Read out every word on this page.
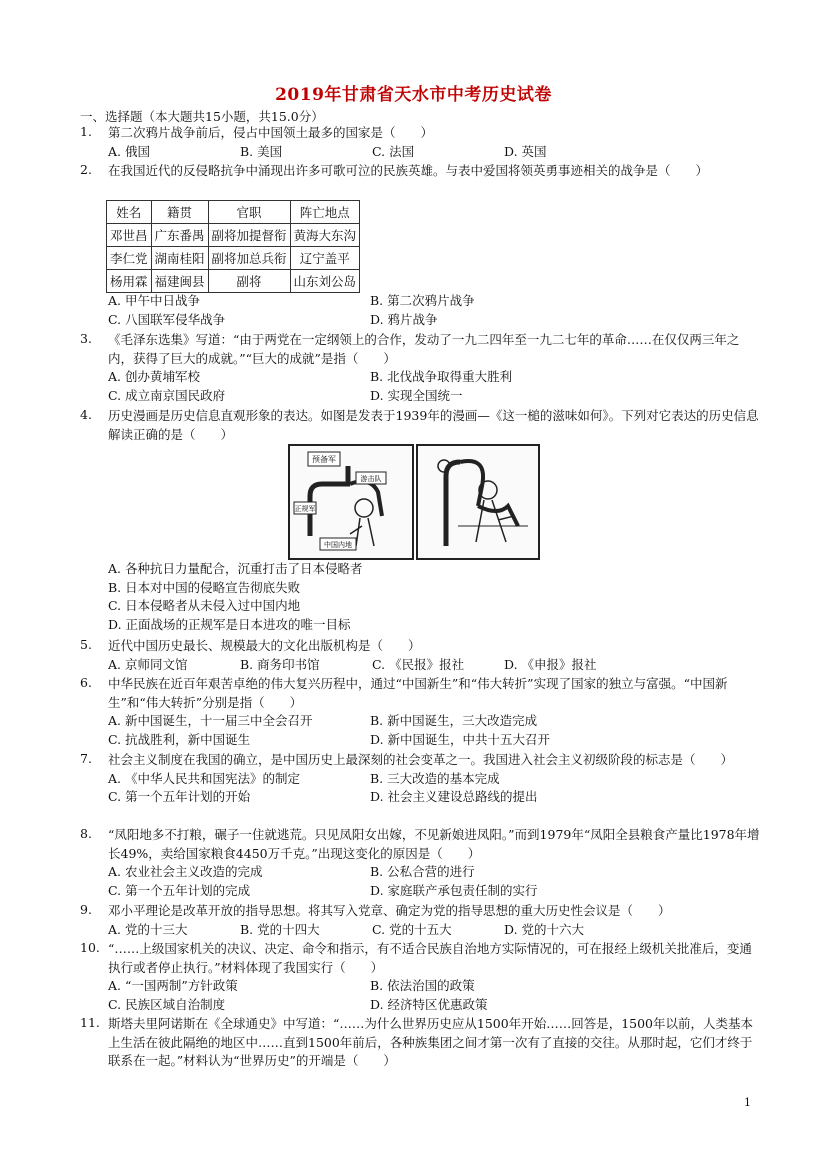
2019年甘肃省天水市中考历史试卷
一、选择题（本大题共15小题，共15.0分）
1.	第二次鸦片战争前后，侵占中国领土最多的国家是（　　）
A. 俄国	B. 美国	C. 法国	D. 英国
2.	在我国近代的反侵略抗争中涌现出许多可歌可泣的民族英雄。与表中爱国将领英勇事迹相关的战争是（　　）
姓名	籍贯	官职	阵亡地点
邓世昌	广东番禺	副将加提督衔	黄海大东沟
李仁党	湖南桂阳	副将加总兵衔	辽宁盖平
杨用霖	福建闽县	副将	山东刘公岛
A. 甲午中日战争	B. 第二次鸦片战争
C. 八国联军侵华战争	D. 鸦片战争
3.	《毛泽东选集》写道：“由于两党在一定纲领上的合作，发动了一九二四年至一九二七年的革命……在仅仅两三年之内，获得了巨大的成就。”“巨大的成就”是指（　　）
A. 创办黄埔军校	B. 北伐战争取得重大胜利
C. 成立南京国民政府	D. 实现全国统一
4.	历史漫画是历史信息直观形象的表达。如图是发表于1939年的漫画—《这一槌的滋味如何》。下列对它表达的历史信息解读正确的是（　　）
预备军
游击队
正规军
中国内地
A. 各种抗日力量配合，沉重打击了日本侵略者
B. 日本对中国的侵略宣告彻底失败
C. 日本侵略者从未侵入过中国内地
D. 正面战场的正规军是日本进攻的唯一目标
5.	近代中国历史最长、规模最大的文化出版机构是（　　）
A. 京师同文馆	B. 商务印书馆	C. 《民报》报社	D. 《申报》报社
6.	中华民族在近百年艰苦卓绝的伟大复兴历程中，通过“中国新生”和“伟大转折”实现了国家的独立与富强。“中国新生”和“伟大转折”分别是指（　　）
A. 新中国诞生，十一届三中全会召开	B. 新中国诞生，三大改造完成
C. 抗战胜利，新中国诞生	D. 新中国诞生，中共十五大召开
7.	社会主义制度在我国的确立，是中国历史上最深刻的社会变革之一。我国进入社会主义初级阶段的标志是（　　）
A. 《中华人民共和国宪法》的制定	B. 三大改造的基本完成
C. 第一个五年计划的开始	D. 社会主义建设总路线的提出
8.	“凤阳地多不打粮，碾子一住就逃荒。只见凤阳女出嫁，不见新娘进凤阳。”而到1979年“凤阳全县粮食产量比1978年增长49%，卖给国家粮食4450万千克。”出现这变化的原因是（　　）
A. 农业社会主义改造的完成	B. 公私合营的进行
C. 第一个五年计划的完成	D. 家庭联产承包责任制的实行
9.	邓小平理论是改革开放的指导思想。将其写入党章、确定为党的指导思想的重大历史性会议是（　　）
A. 党的十三大	B. 党的十四大	C. 党的十五大	D. 党的十六大
10. “……上级国家机关的决议、决定、命令和指示，有不适合民族自治地方实际情况的，可在报经上级机关批准后，变通执行或者停止执行。”材料体现了我国实行（　　）
A. “一国两制”方针政策	B. 依法治国的政策
C. 民族区域自治制度	D. 经济特区优惠政策
11. 斯塔夫里阿诺斯在《全球通史》中写道：“……为什么世界历史应从1500年开始……回答是，1500年以前，人类基本上生活在彼此隔绝的地区中……直到1500年前后，各种族集团之间才第一次有了直接的交往。从那时起，它们才终于联系在一起。”材料认为“世界历史”的开端是（　　）
1
